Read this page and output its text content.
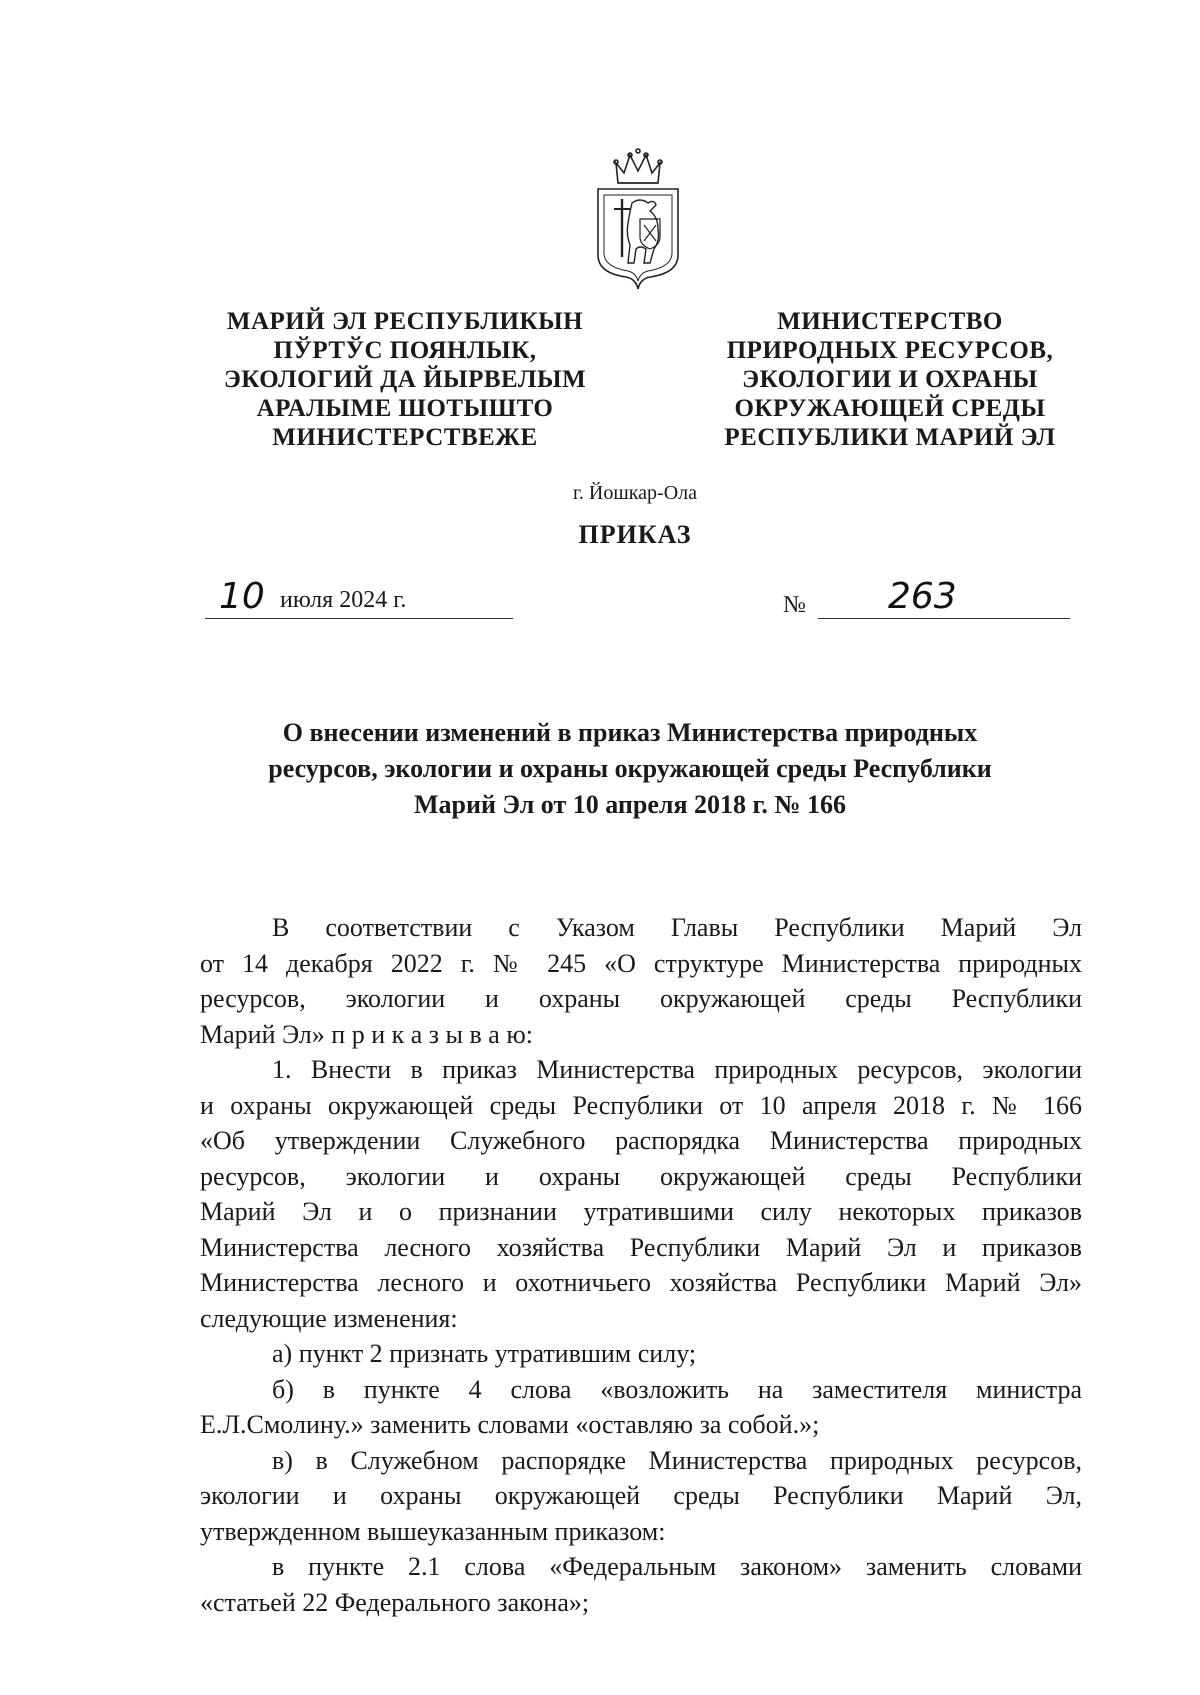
МАРИЙ ЭЛ РЕСПУБЛИКЫН
ПЎРТЎС ПОЯНЛЫК,
ЭКОЛОГИЙ ДА ЙЫРВЕЛЫМ
АРАЛЫМЕ ШОТЫШТО
МИНИСТЕРСТВЕЖЕ
МИНИСТЕРСТВО
ПРИРОДНЫХ РЕСУРСОВ,
ЭКОЛОГИИ И ОХРАНЫ
ОКРУЖАЮЩЕЙ СРЕДЫ
РЕСПУБЛИКИ МАРИЙ ЭЛ
г. Йошкар-Ола
ПРИКАЗ
10 июля 2024 г.	№ 263
О внесении изменений в приказ Министерства природных
ресурсов, экологии и охраны окружающей среды Республики
Марий Эл от 10 апреля 2018 г. № 166

В соответствии с Указом Главы Республики Марий Эл

от 14 декабря 2022 г. № 245 «О структуре Министерства природных

ресурсов, экологии и охраны окружающей среды Республики

Марий Эл» п р и к а з ы в а ю:

1. Внести в приказ Министерства природных ресурсов, экологии

и охраны окружающей среды Республики от 10 апреля 2018 г. № 166

«Об утверждении Служебного распорядка Министерства природных

ресурсов, экологии и охраны окружающей среды Республики

Марий Эл и о признании утратившими силу некоторых приказов

Министерства лесного хозяйства Республики Марий Эл и приказов

Министерства лесного и охотничьего хозяйства Республики Марий Эл»

следующие изменения:

а) пункт 2 признать утратившим силу;

б) в пункте 4 слова «возложить на заместителя министра

Е.Л.Смолину.» заменить словами «оставляю за собой.»;

в) в Служебном распорядке Министерства природных ресурсов,

экологии и охраны окружающей среды Республики Марий Эл,

утвержденном вышеуказанным приказом:

в пункте 2.1 слова «Федеральным законом» заменить словами

«статьей 22 Федерального закона»;
